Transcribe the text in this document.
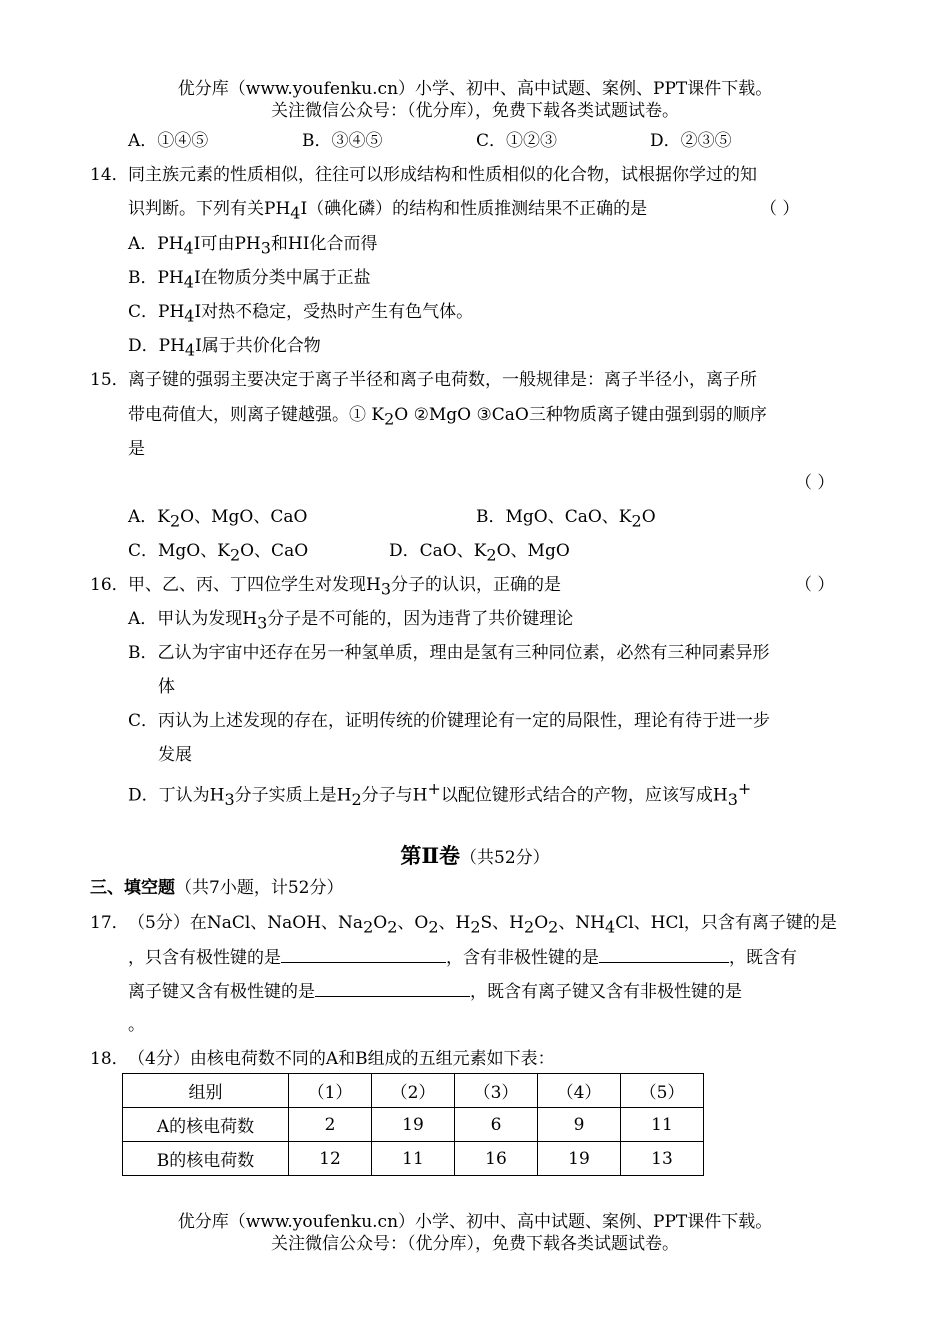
优分库（www.youfenku.cn）小学、初中、高中试题、案例、PPT课件下载。
关注微信公众号：（优分库），免费下载各类试题试卷。
A．①④⑤	B．③④⑤	C．①②③	D．②③⑤
14． 同主族元素的性质相似，往往可以形成结构和性质相似的化合物，试根据你学过的知
识判断。下列有关$PH_4I$（碘化磷）的结构和性质推测结果不正确的是	（ ）
A．$PH_4I$可由$PH_3$和HI化合而得
B．$PH_4I$在物质分类中属于正盐
C．$PH_4I$对热不稳定，受热时产生有色气体。
D．$PH_4I$属于共价化合物
15． 离子键的强弱主要决定于离子半径和离子电荷数，一般规律是：离子半径小，离子所
带电荷值大，则离子键越强。① $K_2O$ ②MgO ③CaO三种物质离子键由强到弱的顺序
是
（ ）
A．$K_2O$、MgO、CaO	B．MgO、CaO、$K_2O$
C．MgO、$K_2O$、CaO	D．CaO、$K_2O$、MgO
16． 甲、乙、丙、丁四位学生对发现$H_3$分子的认识，正确的是	（ ）
A．甲认为发现$H_3$分子是不可能的，因为违背了共价键理论
B．乙认为宇宙中还存在另一种氢单质，理由是氢有三种同位素，必然有三种同素异形
体
C．丙认为上述发现的存在，证明传统的价键理论有一定的局限性，理论有待于进一步
发展
D．丁认为$H_3$分子实质上是$H_2$分子与H+以配位键形式结合的产物，应该写成$H_3^+$
第Ⅱ卷（共52分）
三、填空题（共7小题，计52分）
17． （5分）在NaCl、NaOH、$Na_2O_2$、$O_2$、$H_2S$、$H_2O_2$、$NH_4Cl$、HCl，只含有离子键的是
，只含有极性键的是	，含有非极性键的是	，既含有
离子键又含有极性键的是	，既含有离子键又含有非极性键的是
。
18． （4分）由核电荷数不同的A和B组成的五组元素如下表：
组别	（1）	（2）	（3）	（4）	（5）
A的核电荷数	2	19	6	9	11
B的核电荷数	12	11	16	19	13
优分库（www.youfenku.cn）小学、初中、高中试题、案例、PPT课件下载。
关注微信公众号：（优分库），免费下载各类试题试卷。
